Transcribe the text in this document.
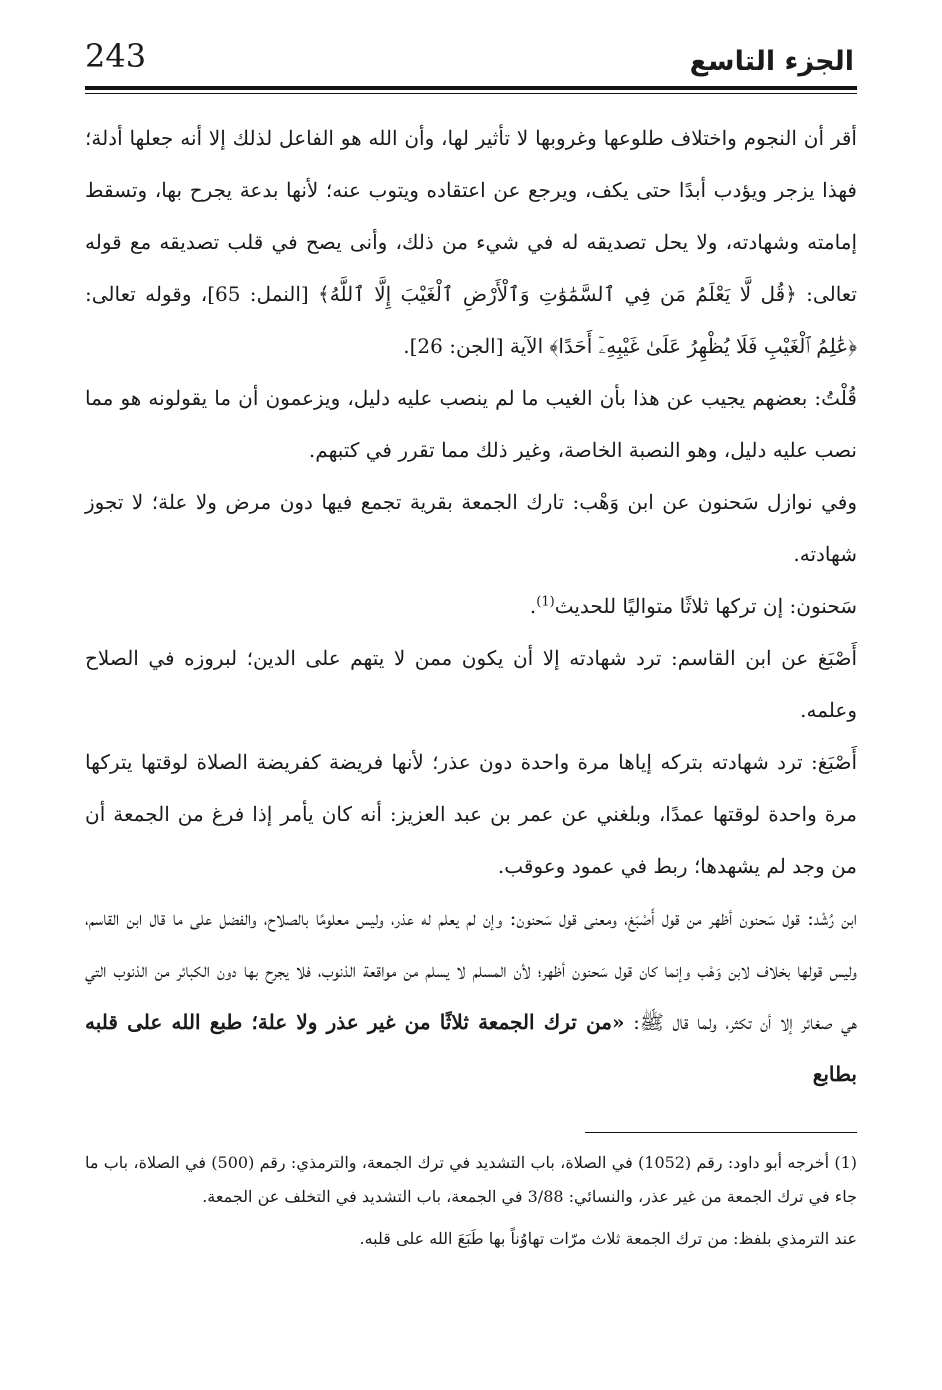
243	الجزء التاسع

أقر أن النجوم واختلاف طلوعها وغروبها لا تأثير لها، وأن الله هو الفاعل لذلك إلا أنه جعلها أدلة؛ فهذا يزجر ويؤدب أبدًا حتى يكف، ويرجع عن اعتقاده ويتوب عنه؛ لأنها بدعة يجرح بها، وتسقط إمامته وشهادته، ولا يحل تصديقه له في شيء من ذلك، وأنى يصح في قلب تصديقه مع قوله تعالى: ﴿قُل لَّا يَعْلَمُ مَن فِي ٱلسَّمَٰوَٰتِ وَٱلْأَرْضِ ٱلْغَيْبَ إِلَّا ٱللَّهُ﴾ [النمل: 65]، وقوله تعالى: ﴿عَٰلِمُ ٱلْغَيْبِ فَلَا يُظْهِرُ عَلَىٰ غَيْبِهِۦٓ أَحَدًا﴾ الآية [الجن: 26].

قُلْتُ: بعضهم يجيب عن هذا بأن الغيب ما لم ينصب عليه دليل، ويزعمون أن ما يقولونه هو مما نصب عليه دليل، وهو النصبة الخاصة، وغير ذلك مما تقرر في كتبهم.

وفي نوازل سَحنون عن ابن وَهْب: تارك الجمعة بقرية تجمع فيها دون مرض ولا علة؛ لا تجوز شهادته.

سَحنون: إن تركها ثلاثًا متواليًا للحديث$^{(1)}$.

أَصْبَغ عن ابن القاسم: ترد شهادته إلا أن يكون ممن لا يتهم على الدين؛ لبروزه في الصلاح وعلمه.

أَصْبَغ: ترد شهادته بتركه إياها مرة واحدة دون عذر؛ لأنها فريضة كفريضة الصلاة لوقتها يتركها مرة واحدة لوقتها عمدًا، وبلغني عن عمر بن عبد العزيز: أنه كان يأمر إذا فرغ من الجمعة أن من وجد لم يشهدها؛ ربط في عمود وعوقب.

ابن رُشْد: قول سَحنون أظهر من قول أَصْبَغ، ومعنى قول سَحنون: وإن لم يعلم له عذر، وليس معلومًا بالصلاح، والفضل على ما قال ابن القاسم، وليس قولها بخلاف لابن وَهْب وإنما كان قول سَحنون أظهر؛ لأن المسلم لا يسلم من مواقعة الذنوب، فلا يجرح بها دون الكبائر من الذنوب التي هي صغائر إلا أن تكثر، ولما قال ﷺ: «من ترك الجمعة ثلاثًا من غير عذر ولا علة؛ طبع الله على قلبه بطابع

(1) أخرجه أبو داود: رقم (1052) في الصلاة، باب التشديد في ترك الجمعة، والترمذي: رقم (500) في الصلاة، باب ما جاء في ترك الجمعة من غير عذر، والنسائي: 3/88 في الجمعة، باب التشديد في التخلف عن الجمعة.

عند الترمذي بلفظ: من ترك الجمعة ثلاث مرّات تهاوُناً بها طَبَعَ الله على قلبه.
